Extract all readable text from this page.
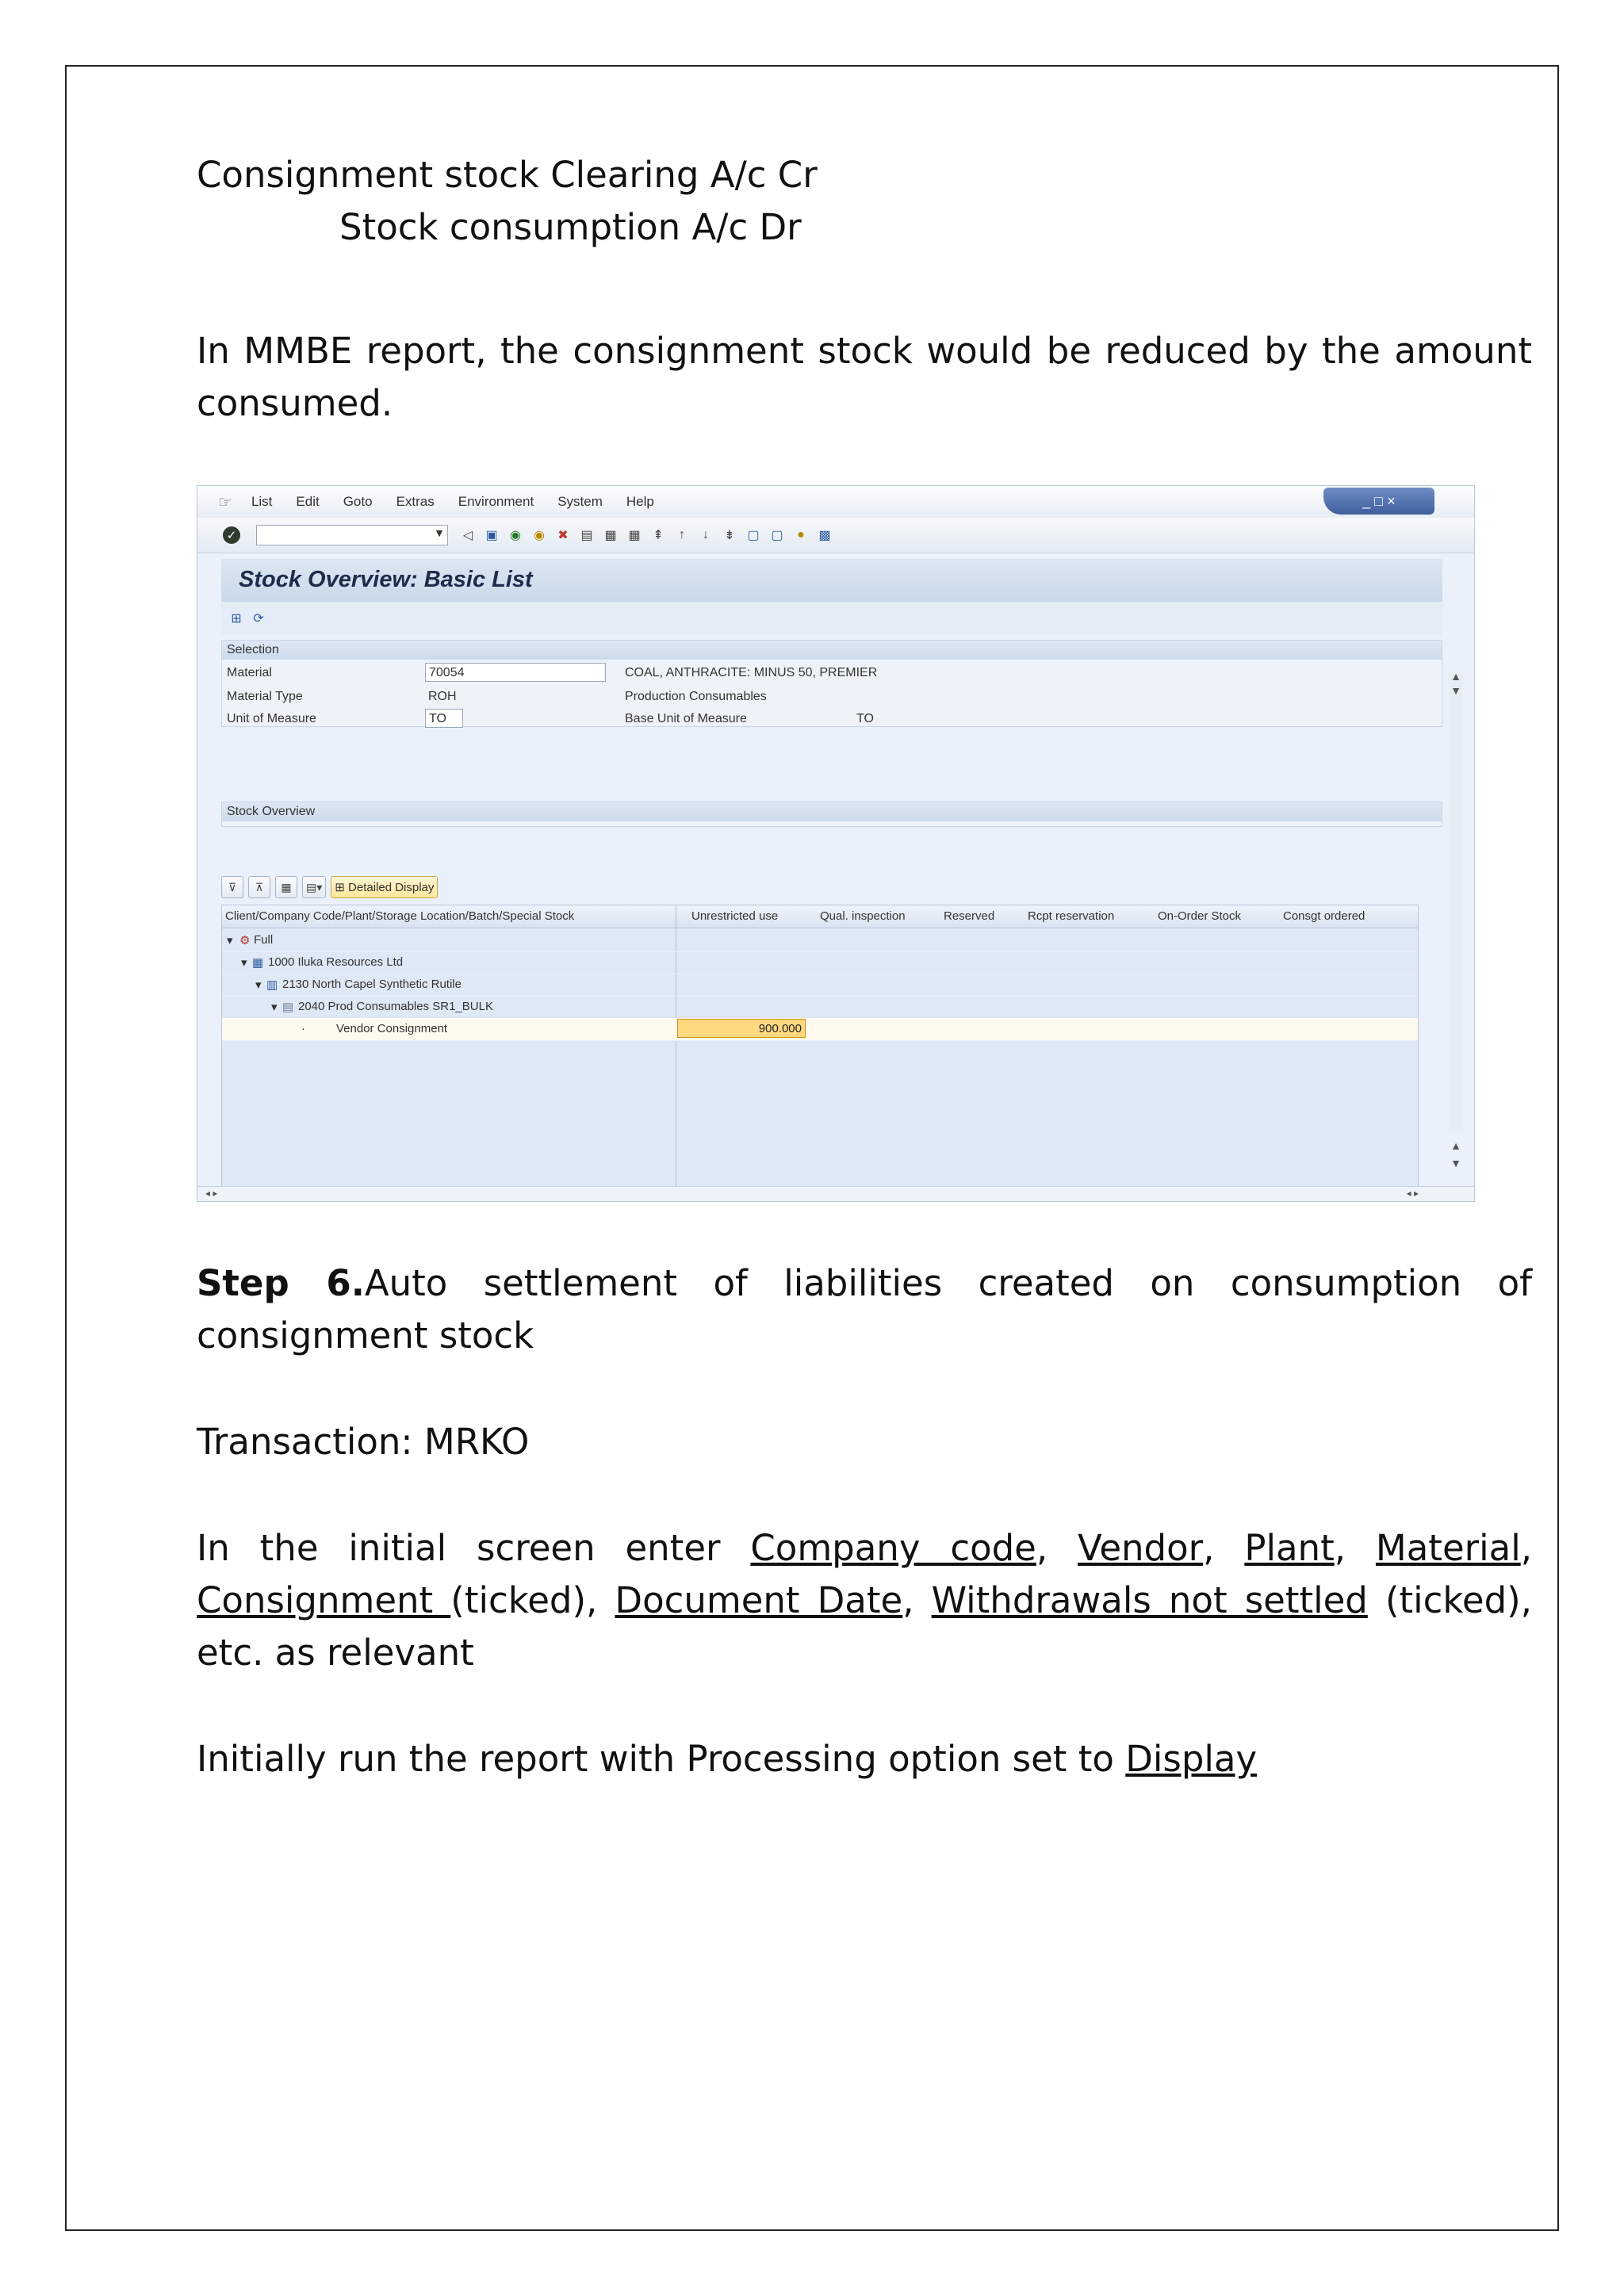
Consignment stock Clearing A/c Cr
Stock consumption A/c Dr
In MMBE report, the consignment stock would be reduced by the amount consumed.
☞ List Edit Goto Extras Environment System Help	_ □ ×
✓	▼	◁	▣ ◉ ◉ ✖ ▤ ▦ ▦ ⇞	↑	↓	⇟ ▢ ▢	●	▩
Stock Overview: Basic List
⊞ ⟳
Selection
Material	70054	COAL, ANTHRACITE: MINUS 50, PREMIER
Material Type	ROH	Production Consumables
Unit of Measure	TO	Base Unit of Measure	TO
▲
▼
Stock Overview
⊽	⊼	▦	▤▾	⊞
Detailed Display
Client/Company Code/Plant/Storage Location/Batch/Special Stock	Unrestricted use	Qual. inspection	Reserved	Rcpt reservation	On-Order Stock	Consgt ordered
▾ ⚙ Full
▾ ▦ 1000 Iluka Resources Ltd
▾ ▥ 2130 North Capel Synthetic Rutile
▾ ▤ 2040 Prod Consumables SR1_BULK
·	Vendor Consignment	900.000
▲
▼
◂ ▸	◂ ▸
Step 6.Auto settlement of liabilities created on consumption of consignment stock
Transaction: MRKO
In the initial screen enter Company code, Vendor, Plant, Material, Consignment (ticked), Document Date, Withdrawals not settled (ticked), etc. as relevant
Initially run the report with Processing option set to Display
